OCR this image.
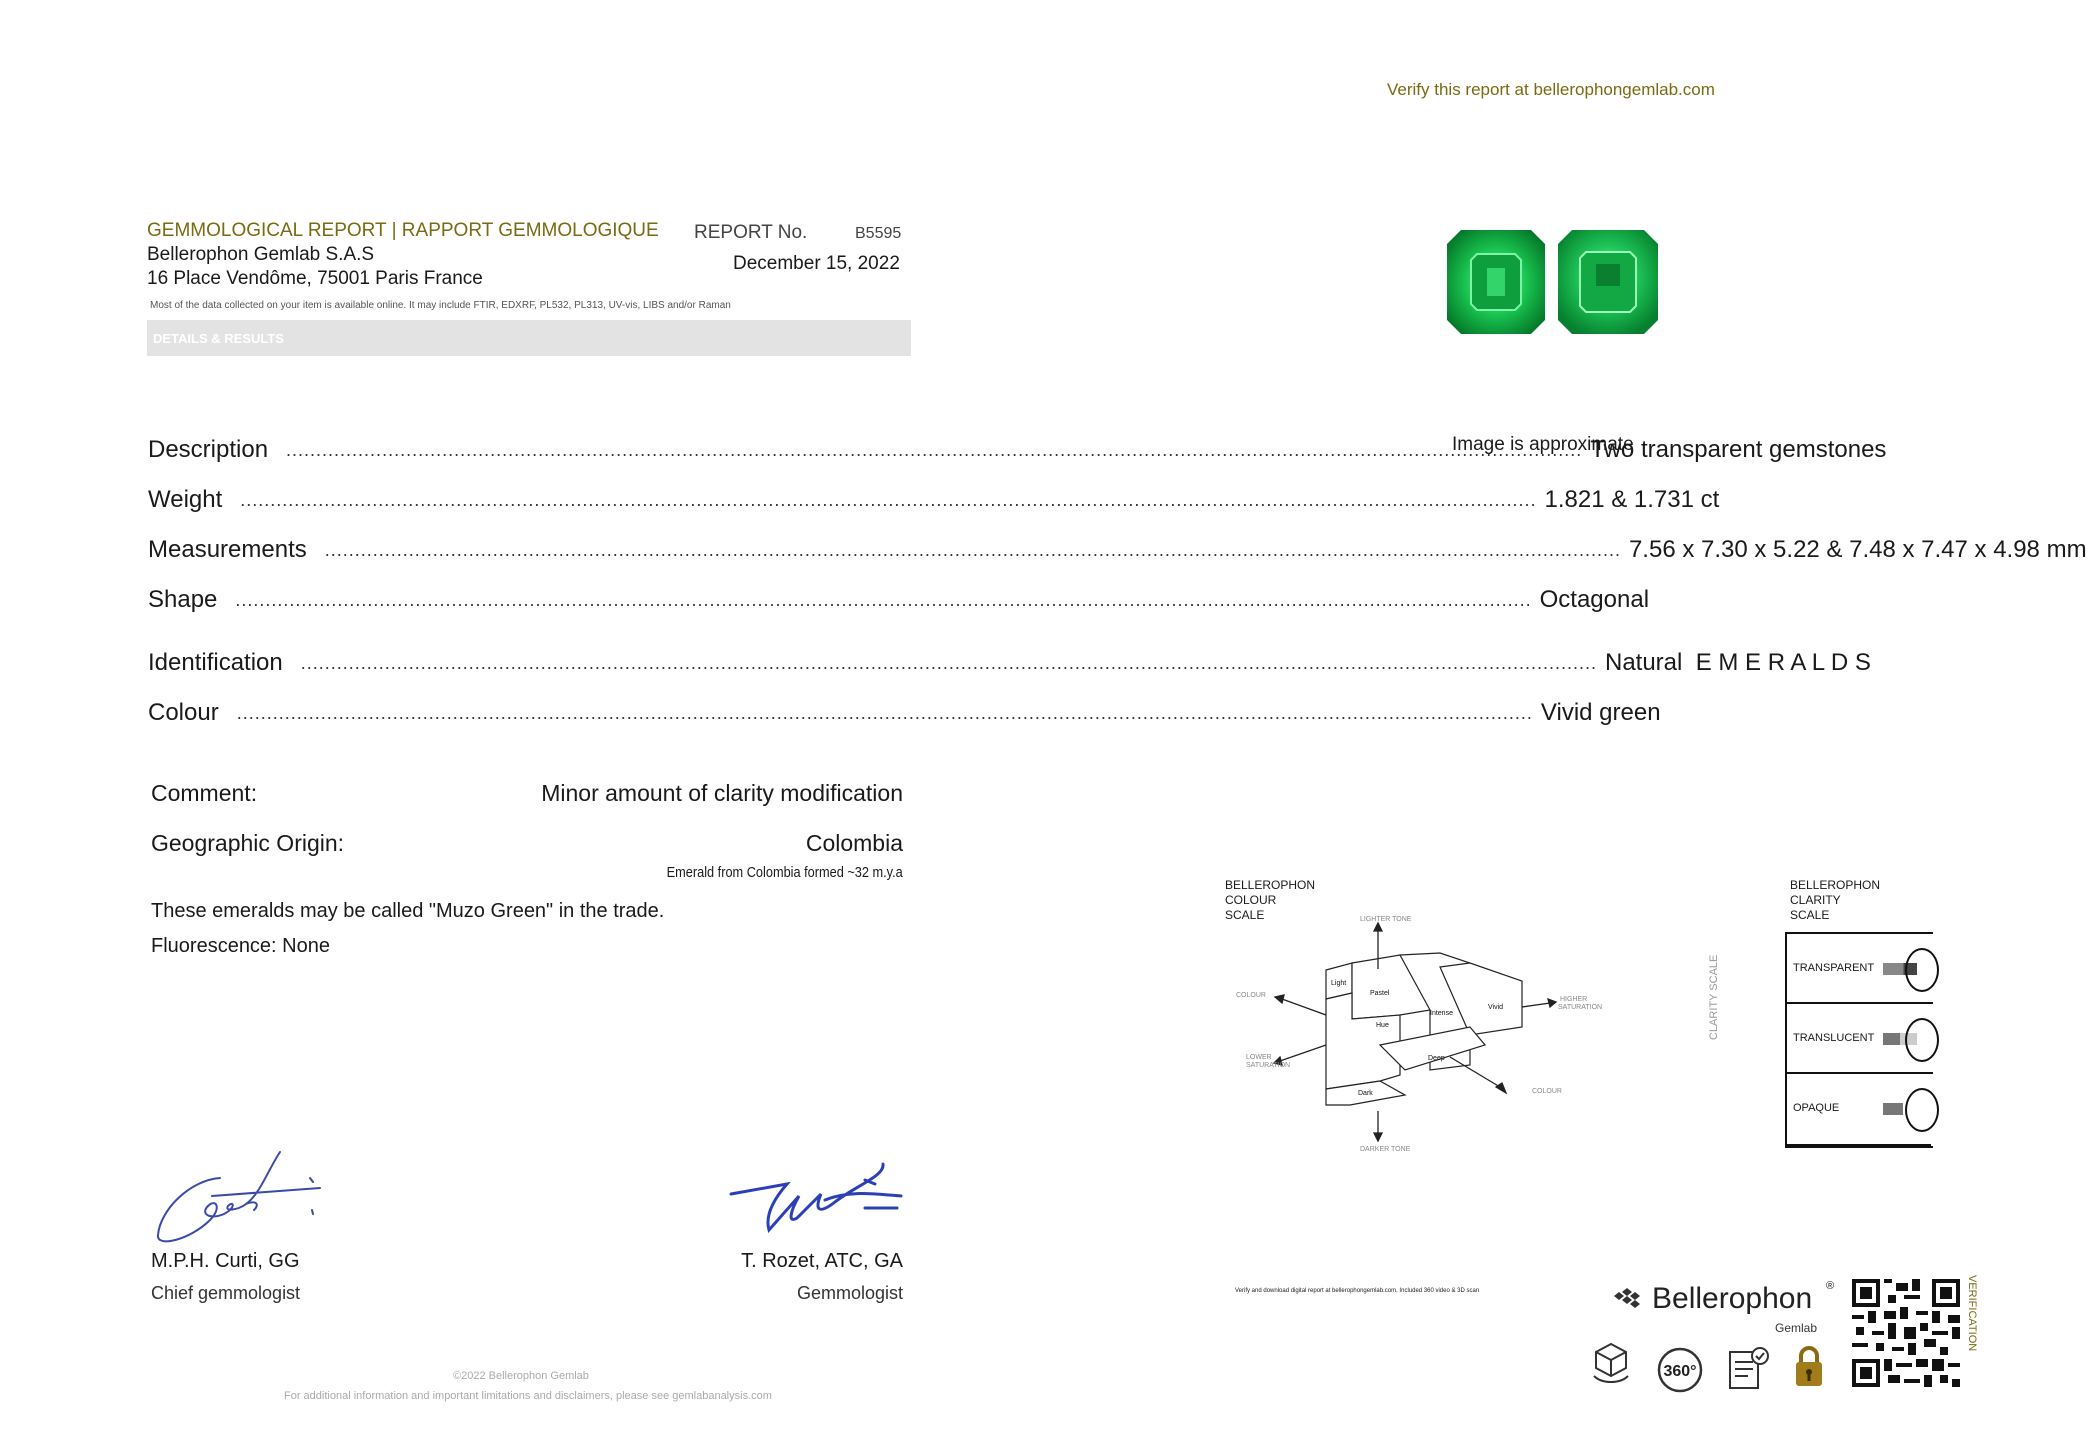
Verify this report at bellerophongemlab.com
GEMMOLOGICAL REPORT | RAPPORT GEMMOLOGIQUE
Bellerophon Gemlab S.A.S
16 Place Vendôme, 75001 Paris France
REPORT No.	B5595
December 15, 2022
Most of the data collected on your item is available online. It may include FTIR, EDXRF, PL532, PL313, UV-vis, LIBS and/or Raman
DETAILS & RESULTS
Description .....	Two transparent gemstones
Weight .....	1.821 & 1.731 ct
Measurements .....	7.56 x 7.30 x 5.22 & 7.48 x 7.47 x 4.98 mm
Shape .....	Octagonal
Identification .....	Natural  E M E R A L D S
Colour .....	Vivid green
Comment:	Minor amount of clarity modification
Geographic Origin:	Colombia
Emerald from Colombia formed ~32 m.y.a
These emeralds may be called "Muzo Green" in the trade.
Fluorescence: None
M.P.H. Curti, GG
Chief gemmologist
T. Rozet, ATC, GA
Gemmologist
©2022 Bellerophon Gemlab
For additional information and important limitations and disclaimers, please see gemlabanalysis.com
Image is approximate
BELLEROPHON
COLOUR
SCALE
Light
Pastel
Hue
Intense
Vivid
Deep
Dark
LIGHTER TONE
DARKER TONE
COLOUR
LOWER
SATURATION
HIGHER
SATURATION
COLOUR
BELLEROPHON
CLARITY
SCALE
CLARITY SCALE	TRANSPARENT
TRANSLUCENT
OPAQUE
Verify and download digital report at bellerophongemlab.com. Included 360 video & 3D scan	Bellerophon ®
Gemlab
360°
VERIFICATION
